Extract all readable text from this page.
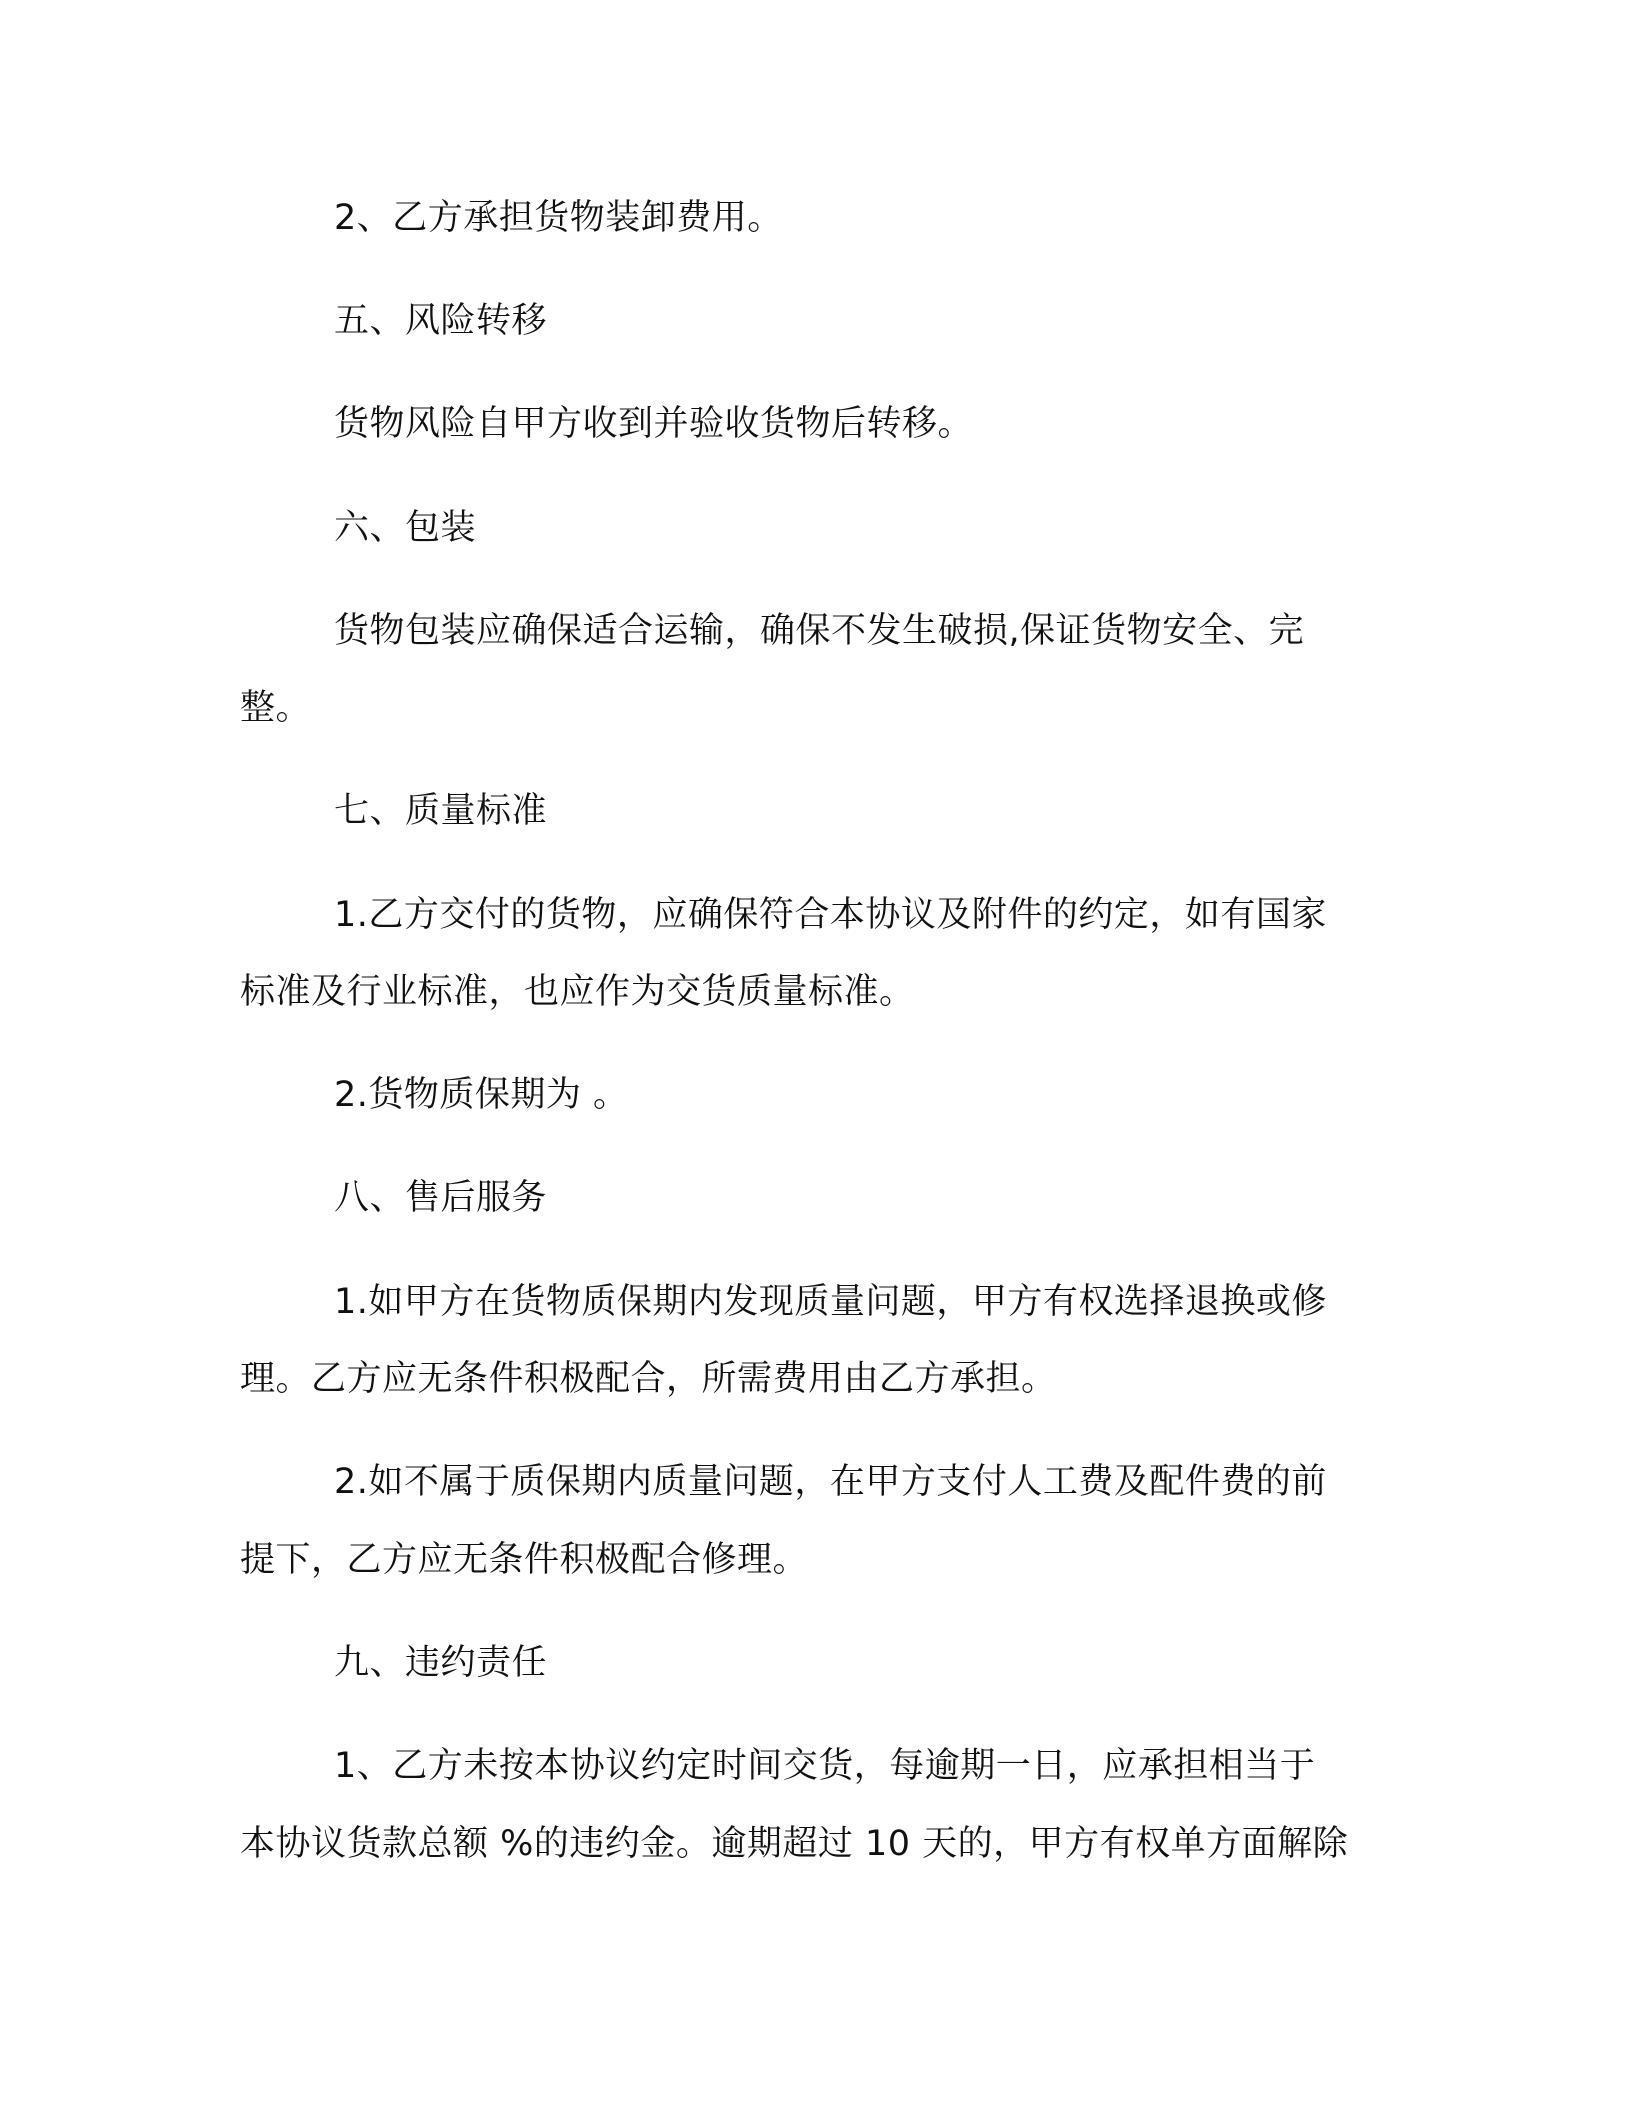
2、乙方承担货物装卸费用。
五、风险转移
货物风险自甲方收到并验收货物后转移。
六、包装
货物包装应确保适合运输，确保不发生破损,保证货物安全、完
整。
七、质量标准
1.乙方交付的货物，应确保符合本协议及附件的约定，如有国家
标准及行业标准，也应作为交货质量标准。
2.货物质保期为 。
八、售后服务
1.如甲方在货物质保期内发现质量问题，甲方有权选择退换或修
理。乙方应无条件积极配合，所需费用由乙方承担。
2.如不属于质保期内质量问题，在甲方支付人工费及配件费的前
提下，乙方应无条件积极配合修理。
九、违约责任
1、乙方未按本协议约定时间交货，每逾期一日，应承担相当于
本协议货款总额 %的违约金。逾期超过 10 天的，甲方有权单方面解除
